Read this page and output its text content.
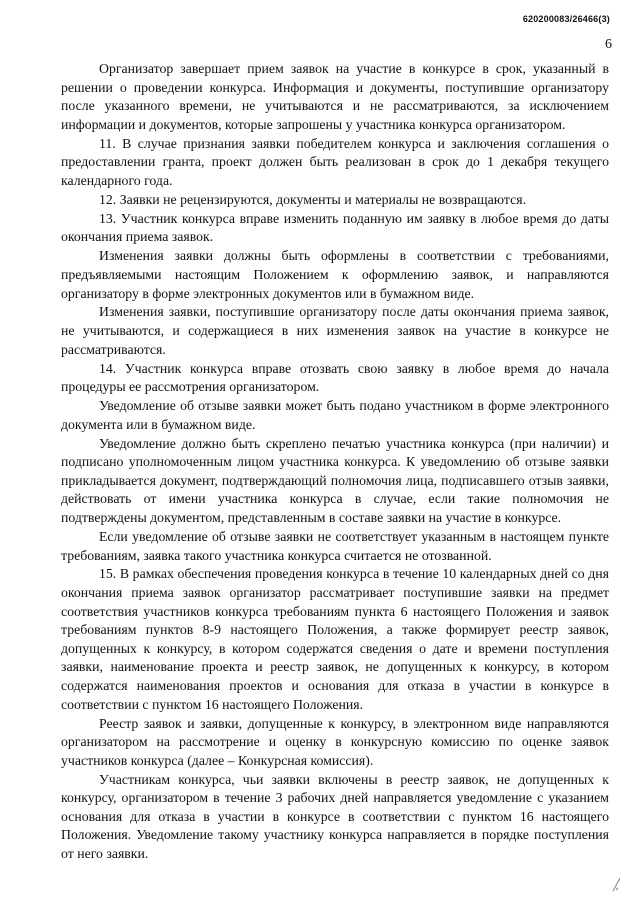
620200083/26466(3)
6

Организатор завершает прием заявок на участие в конкурсе в срок, указанный в решении о проведении конкурса. Информация и документы, поступившие организатору после указанного времени, не учитываются и не рассматриваются, за исключением информации и документов, которые запрошены у участника конкурса организатором.

11. В случае признания заявки победителем конкурса и заключения соглашения о предоставлении гранта, проект должен быть реализован в срок до 1 декабря текущего календарного года.

12. Заявки не рецензируются, документы и материалы не возвращаются.

13. Участник конкурса вправе изменить поданную им заявку в любое время до даты окончания приема заявок.

Изменения заявки должны быть оформлены в соответствии с требованиями, предъявляемыми настоящим Положением к оформлению заявок, и направляются организатору в форме электронных документов или в бумажном виде.

Изменения заявки, поступившие организатору после даты окончания приема заявок, не учитываются, и содержащиеся в них изменения заявок на участие в конкурсе не рассматриваются.

14. Участник конкурса вправе отозвать свою заявку в любое время до начала процедуры ее рассмотрения организатором.

Уведомление об отзыве заявки может быть подано участником в форме электронного документа или в бумажном виде.

Уведомление должно быть скреплено печатью участника конкурса (при наличии) и подписано уполномоченным лицом участника конкурса. К уведомлению об отзыве заявки прикладывается документ, подтверждающий полномочия лица, подписавшего отзыв заявки, действовать от имени участника конкурса в случае, если такие полномочия не подтверждены документом, представленным в составе заявки на участие в конкурсе.

Если уведомление об отзыве заявки не соответствует указанным в настоящем пункте требованиям, заявка такого участника конкурса считается не отозванной.

15. В рамках обеспечения проведения конкурса в течение 10 календарных дней со дня окончания приема заявок организатор рассматривает поступившие заявки на предмет соответствия участников конкурса требованиям пункта 6 настоящего Положения и заявок требованиям пунктов 8-9 настоящего Положения, а также формирует реестр заявок, допущенных к конкурсу, в котором содержатся сведения о дате и времени поступления заявки, наименование проекта и реестр заявок, не допущенных к конкурсу, в котором содержатся наименования проектов и основания для отказа в участии в конкурсе в соответствии с пунктом 16 настоящего Положения.

Реестр заявок и заявки, допущенные к конкурсу, в электронном виде направляются организатором на рассмотрение и оценку в конкурсную комиссию по оценке заявок участников конкурса (далее – Конкурсная комиссия).

Участникам конкурса, чьи заявки включены в реестр заявок, не допущенных к конкурсу, организатором в течение 3 рабочих дней направляется уведомление с указанием основания для отказа в участии в конкурсе в соответствии с пунктом 16 настоящего Положения. Уведомление такому участнику конкурса направляется в порядке поступления от него заявки.
